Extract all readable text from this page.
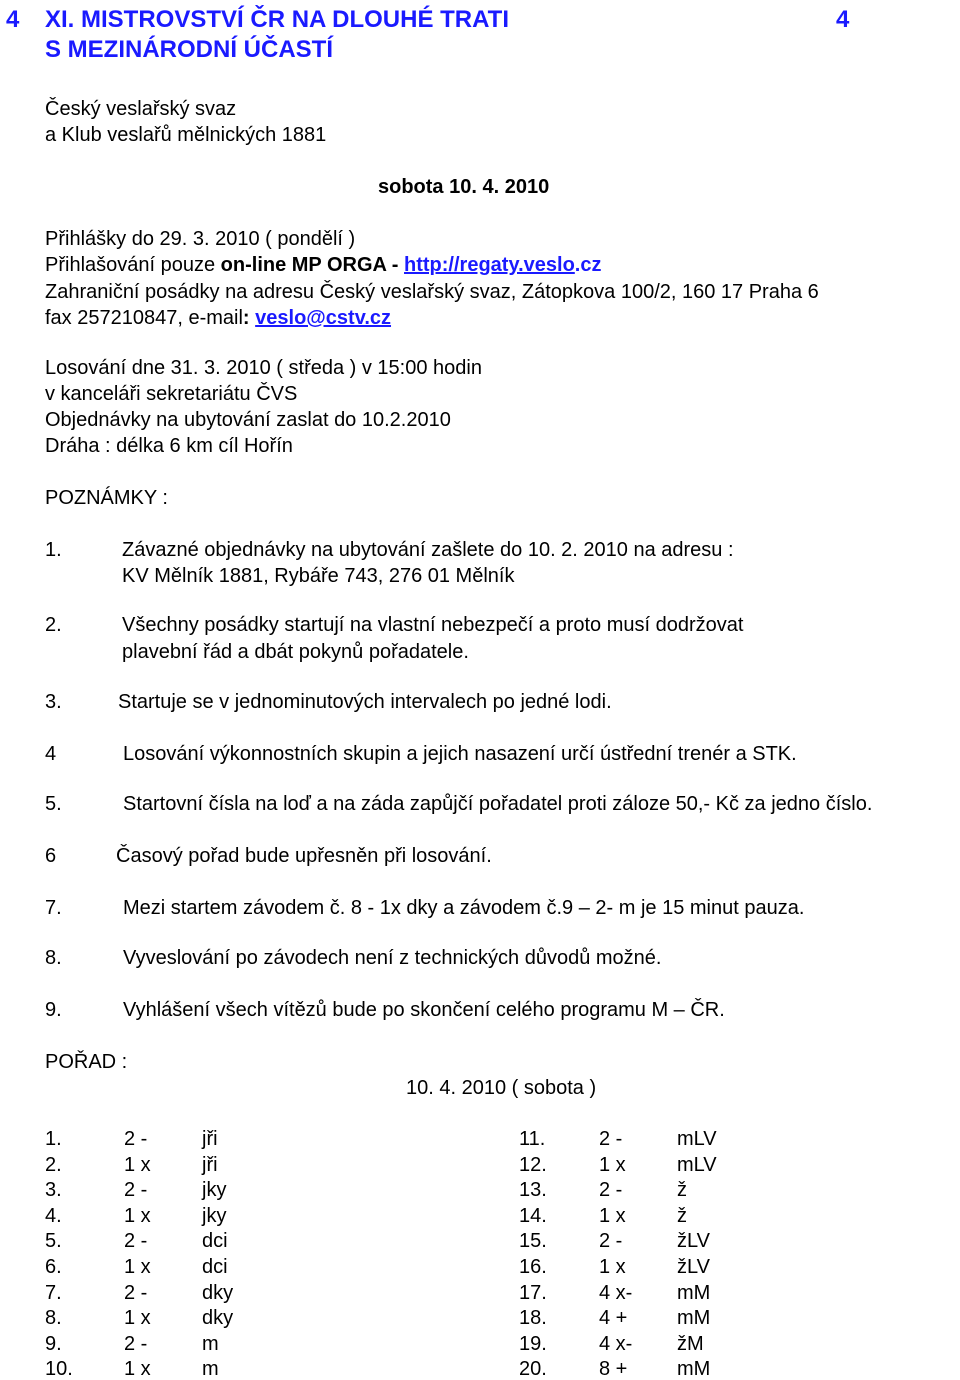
4 XI. MISTROVSTVÍ ČR NA DLOUHÉ TRATI
S MEZINÁRODNÍ ÚČASTÍ
4
Český veslařský svaz
a Klub veslařů mělnických 1881
sobota 10. 4. 2010
Přihlášky do 29. 3. 2010 ( pondělí )
Přihlašování pouze on-line MP ORGA - http://regaty.veslo.cz
Zahraniční posádky na adresu Český veslařský svaz, Zátopkova 100/2, 160 17 Praha 6
fax 257210847, e-mail: veslo@cstv.cz
Losování dne 31. 3. 2010 ( středa ) v 15:00 hodin
v kanceláři sekretariátu ČVS
Objednávky na ubytování zaslat do 10.2.2010
Dráha : délka 6 km cíl Hořín
POZNÁMKY :
1.	Závazné objednávky na ubytování zašlete do 10. 2. 2010 na adresu :
KV Mělník 1881, Rybáře 743, 276 01 Mělník
2.	Všechny posádky startují na vlastní nebezpečí a proto musí dodržovat
plavební řád a dbát pokynů pořadatele.
3.	Startuje se v jednominutových intervalech po jedné lodi.
4	Losování výkonnostních skupin a jejich nasazení určí ústřední trenér a STK.
5.	Startovní čísla na loď a na záda zapůjčí pořadatel proti záloze 50,- Kč za jedno číslo.
6	Časový pořad bude upřesněn při losování.
7.	Mezi startem závodem č. 8 - 1x dky a závodem č.9 – 2- m je 15 minut pauza.
8.	Vyveslování po závodech není z technických důvodů možné.
9.	Vyhlášení všech vítězů bude po skončení celého programu M – ČR.
POŘAD :
10. 4. 2010 ( sobota )
1.	2 -	jři
2.	1 x	jři
3.	2 -	jky
4.	1 x	jky
5.	2 -	dci
6.	1 x	dci
7.	2 -	dky
8.	1 x	dky
9.	2 -	m
10.	1 x	m
11.	2 -	mLV
12.	1 x	mLV
13.	2 -	ž
14.	1 x	ž
15.	2 -	žLV
16.	1 x	žLV
17.	4 x- mM
18.	4 + mM
19.	4 x- žM
20.	8 + mM
